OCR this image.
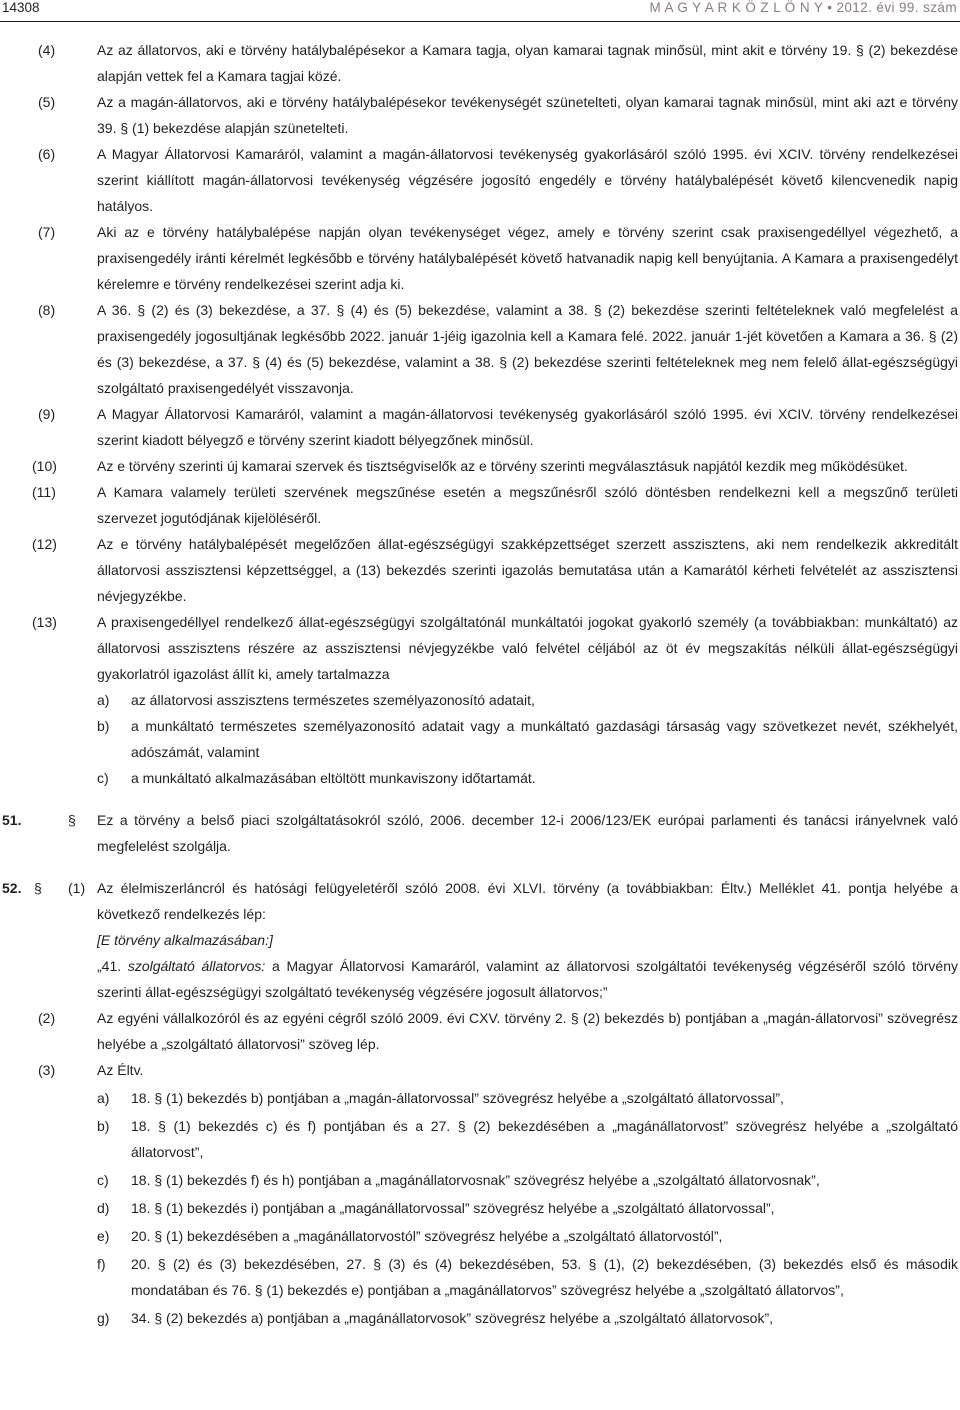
14308	M A G Y A R K Ö Z L Ö N Y • 2012. évi 99. szám
(4)	Az az állatorvos, aki e törvény hatálybalépésekor a Kamara tagja, olyan kamarai tagnak minősül, mint akit e törvény 19. § (2) bekezdése alapján vettek fel a Kamara tagjai közé.
(5)	Az a magán-állatorvos, aki e törvény hatálybalépésekor tevékenységét szünetelteti, olyan kamarai tagnak minősül, mint aki azt e törvény 39. § (1) bekezdése alapján szünetelteti.
(6)	A Magyar Állatorvosi Kamaráról, valamint a magán-állatorvosi tevékenység gyakorlásáról szóló 1995. évi XCIV. törvény rendelkezései szerint kiállított magán-állatorvosi tevékenység végzésére jogosító engedély e törvény hatálybalépését követő kilencvenedik napig hatályos.
(7)	Aki az e törvény hatálybalépése napján olyan tevékenységet végez, amely e törvény szerint csak praxisengedéllyel végezhető, a praxisengedély iránti kérelmét legkésőbb e törvény hatálybalépését követő hatvanadik napig kell benyújtania. A Kamara a praxisengedélyt kérelemre e törvény rendelkezései szerint adja ki.
(8)	A 36. § (2) és (3) bekezdése, a 37. § (4) és (5) bekezdése, valamint a 38. § (2) bekezdése szerinti feltételeknek való megfelelést a praxisengedély jogosultjának legkésőbb 2022. január 1-jéig igazolnia kell a Kamara felé. 2022. január 1-jét követően a Kamara a 36. § (2) és (3) bekezdése, a 37. § (4) és (5) bekezdése, valamint a 38. § (2) bekezdése szerinti feltételeknek meg nem felelő állat-egészségügyi szolgáltató praxisengedélyét visszavonja.
(9)	A Magyar Állatorvosi Kamaráról, valamint a magán-állatorvosi tevékenység gyakorlásáról szóló 1995. évi XCIV. törvény rendelkezései szerint kiadott bélyegző e törvény szerint kiadott bélyegzőnek minősül.
(10)	Az e törvény szerinti új kamarai szervek és tisztségviselők az e törvény szerinti megválasztásuk napjától kezdik meg működésüket.
(11)	A Kamara valamely területi szervének megszűnése esetén a megszűnésről szóló döntésben rendelkezni kell a megszűnő területi szervezet jogutódjának kijelöléséről.
(12)	Az e törvény hatálybalépését megelőzően állat-egészségügyi szakképzettséget szerzett asszisztens, aki nem rendelkezik akkreditált állatorvosi asszisztensi képzettséggel, a (13) bekezdés szerinti igazolás bemutatása után a Kamarától kérheti felvételét az asszisztensi névjegyzékbe.
(13)	A praxisengedéllyel rendelkező állat-egészségügyi szolgáltatónál munkáltatói jogokat gyakorló személy (a továbbiakban: munkáltató) az állatorvosi asszisztens részére az asszisztensi névjegyzékbe való felvétel céljából az öt év megszakítás nélküli állat-egészségügyi gyakorlatról igazolást állít ki, amely tartalmazza
a) az állatorvosi asszisztens természetes személyazonosító adatait,
b) a munkáltató természetes személyazonosító adatait vagy a munkáltató gazdasági társaság vagy szövetkezet nevét, székhelyét, adószámát, valamint
c) a munkáltató alkalmazásában eltöltött munkaviszony időtartamát.
51.	§ Ez a törvény a belső piaci szolgáltatásokról szóló, 2006. december 12-i 2006/123/EK európai parlamenti és tanácsi irányelvnek való megfelelést szolgálja.
52. § (1) Az élelmiszerláncról és hatósági felügyeletéről szóló 2008. évi XLVI. törvény (a továbbiakban: Éltv.) Melléklet 41. pontja helyébe a következő rendelkezés lép:
[E törvény alkalmazásában:]
„41. szolgáltató állatorvos: a Magyar Állatorvosi Kamaráról, valamint az állatorvosi szolgáltatói tevékenység végzéséről szóló törvény szerinti állat-egészségügyi szolgáltató tevékenység végzésére jogosult állatorvos;”
(2)	Az egyéni vállalkozóról és az egyéni cégről szóló 2009. évi CXV. törvény 2. § (2) bekezdés b) pontjában a „magán-állatorvosi” szövegrész helyébe a „szolgáltató állatorvosi” szöveg lép.
(3)	Az Éltv.
a) 18. § (1) bekezdés b) pontjában a „magán-állatorvossal” szövegrész helyébe a „szolgáltató állatorvossal”,
b) 18. § (1) bekezdés c) és f) pontjában és a 27. § (2) bekezdésében a „magánállatorvost” szövegrész helyébe a „szolgáltató állatorvost”,
c) 18. § (1) bekezdés f) és h) pontjában a „magánállatorvosnak” szövegrész helyébe a „szolgáltató állatorvosnak”,
d) 18. § (1) bekezdés i) pontjában a „magánállatorvossal” szövegrész helyébe a „szolgáltató állatorvossal”,
e) 20. § (1) bekezdésében a „magánállatorvostól” szövegrész helyébe a „szolgáltató állatorvostól”,
f) 20. § (2) és (3) bekezdésében, 27. § (3) és (4) bekezdésében, 53. § (1), (2) bekezdésében, (3) bekezdés első és második mondatában és 76. § (1) bekezdés e) pontjában a „magánállatorvos” szövegrész helyébe a „szolgáltató állatorvos”,
g) 34. § (2) bekezdés a) pontjában a „magánállatorvosok” szövegrész helyébe a „szolgáltató állatorvosok”,
